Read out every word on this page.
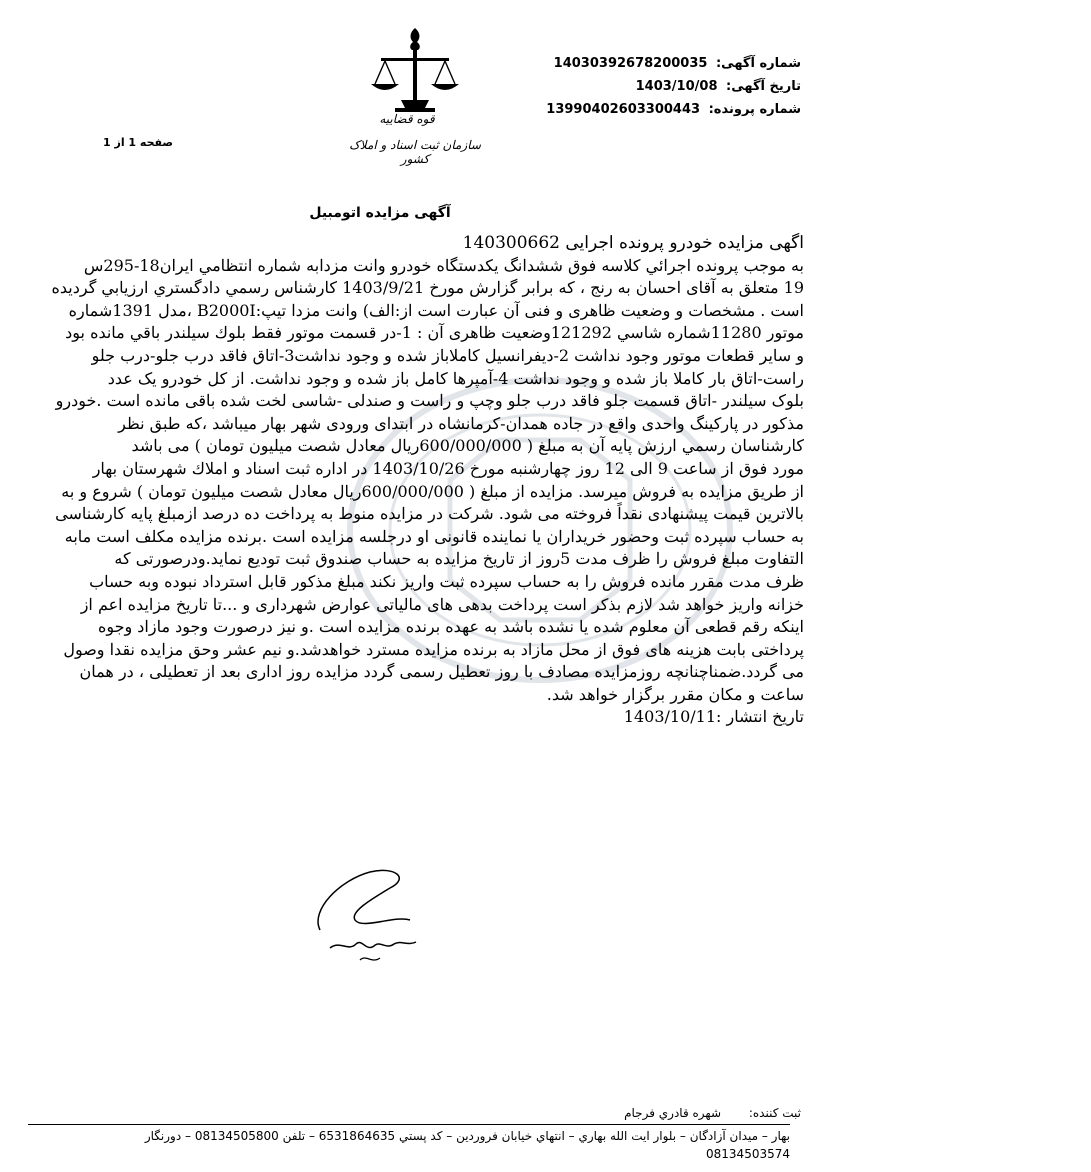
قوه قضاییه
سازمان ثبت اسناد و املاک کشور
شماره آگهی: 14030392678200035
تاریخ آگهی: 1403/10/08
شماره پرونده: 13990402603300443
صفحه 1 از 1
آگهی مزایده اتومبیل

اگهی مزایده خودرو پرونده اجرایی 140300662

به موجب پرونده اجرائي كلاسه فوق ششدانگ يكدستگاه خودرو وانت مزدابه شماره انتظامي ايران18-295س

19 متعلق به آقای احسان به رنج ، كه برابر گزارش مورخ 1403/9/21 كارشناس رسمي دادگستري ارزيابي گرديده

است . مشخصات و وضعيت ظاهری و فنی آن عبارت است از:الف) وانت مزدا تيپ:B2000I ،مدل 1391شماره

موتور 11280شماره شاسي 121292وضعيت ظاهری آن : 1-در قسمت موتور فقط بلوك سيلندر باقي مانده بود

و ساير قطعات موتور وجود نداشت 2-ديفرانسيل كاملاباز شده و وجود نداشت3-اتاق فاقد درب جلو-درب جلو

راست-اتاق بار كاملا باز شده و وجود نداشت 4-آمپرها كامل باز شده و وجود نداشت. از كل خودرو يک عدد

بلوک سيلندر -اتاق قسمت جلو فاقد درب جلو وچپ و راست و صندلی -شاسی لخت شده باقی مانده است .خودرو

مذكور در پاركينگ واحدی واقع در جاده همدان-كرمانشاه در ابتدای ورودی شهر بهار ميباشد ،كه طبق نظر

كارشناسان رسمي ارزش پايه آن به مبلغ ( 600/000/000ريال معادل شصت ميليون تومان ) می باشد

مورد فوق از ساعت 9 الی 12 روز چهارشنبه مورخ 1403/10/26 در اداره ثبت اسناد و املاك شهرستان بهار

از طريق مزايده به فروش ميرسد. مزايده از مبلغ ( 600/000/000ريال معادل شصت ميليون تومان ) شروع و به

بالاترين قيمت پيشنهادی نقداً فروخته می شود. شركت در مزايده منوط به پرداخت ده درصد ازمبلغ پايه كارشناسی

به حساب سپرده ثبت وحضور خريداران يا نماينده قانونی او درجلسه مزايده است .برنده مزايده مكلف است مابه

التفاوت مبلغ فروش را ظرف مدت 5روز از تاريخ مزايده به حساب صندوق ثبت توديع نمايد.ودرصورتی كه

ظرف مدت مقرر مانده فروش را به حساب سپرده ثبت واريز نكند مبلغ مذكور قابل استرداد نبوده وبه حساب

خزانه واريز خواهد شد لازم بذكر است پرداخت بدهی های مالياتی عوارض شهرداری و ...تا تاريخ مزايده اعم از

اينكه رقم قطعی آن معلوم شده يا نشده باشد به عهده برنده مزايده است .و نيز درصورت وجود مازاد وجوه

پرداختی بابت هزينه های فوق از محل مازاد به برنده مزايده مسترد خواهدشد.و نيم عشر وحق مزايده نقدا وصول

می گردد.ضمناچنانچه روزمزايده مصادف با روز تعطيل رسمی گردد مزايده روز اداری بعد از تعطيلی ، در همان

ساعت و مكان مقرر برگزار خواهد شد.

تاريخ انتشار :1403/10/11

ثبت کننده: شهره قادري فرجام
بهار – میدان آزادگان – بلوار ایت الله بهاري – انتهاي خیابان فروردین – کد پستي 6531864635 – تلفن 08134505800 – دورنگار
08134503574
